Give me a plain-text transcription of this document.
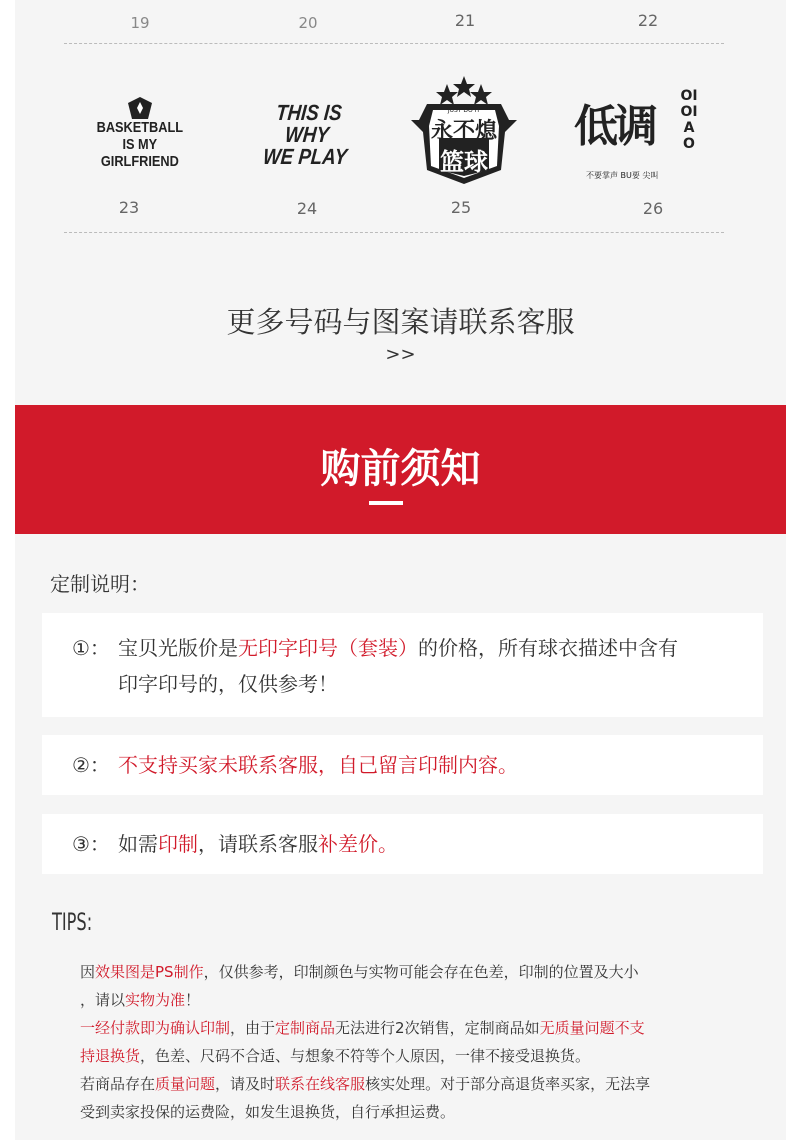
19	20	21	22
BASKETBALL
IS MY
GIRLFRIEND
THIS IS WHY
WE PLAY
JUST DO IT
永不熄
篮球
低调
OI OI AO
不要掌声 BU要 尖叫
23	24	25	26
更多号码与图案请联系客服
>>
购前须知
定制说明：
①： 宝贝光版价是无印字印号（套装）的价格，所有球衣描述中含有
印字印号的，仅供参考！
②： 不支持买家未联系客服，自己留言印制内容。
③： 如需印制，请联系客服补差价。
TIPS:

因效果图是PS制作，仅供参考，印制颜色与实物可能会存在色差，印制的位置及大小

，请以实物为准！

一经付款即为确认印制，由于定制商品无法进行2次销售，定制商品如无质量问题不支

持退换货，色差、尺码不合适、与想象不符等个人原因，一律不接受退换货。

若商品存在质量问题，请及时联系在线客服核实处理。对于部分高退货率买家，无法享

受到卖家投保的运费险，如发生退换货，自行承担运费。
